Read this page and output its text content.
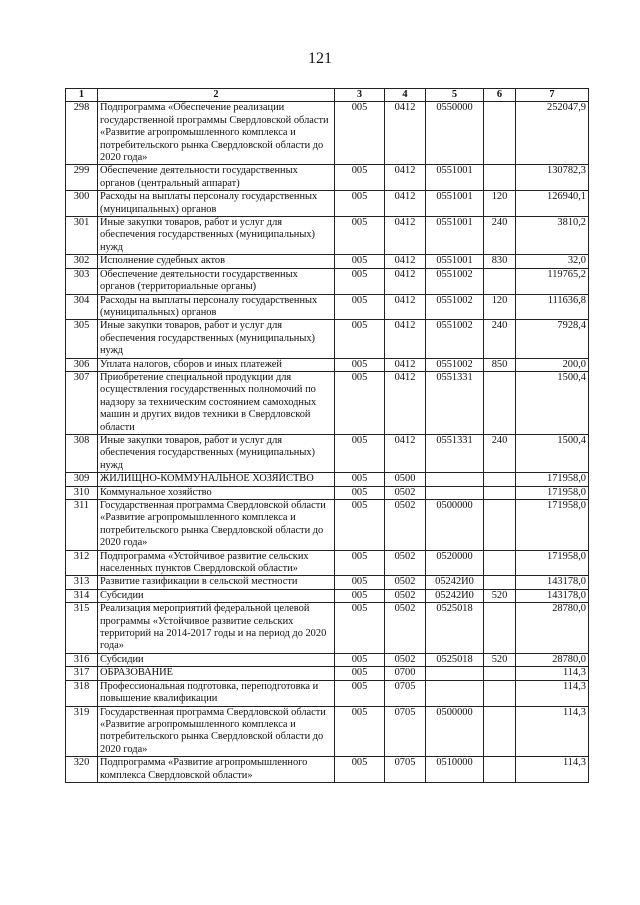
121
1	2	3	4	5	6	7
298	Подпрограмма «Обеспечение реализации государственной программы Свердловской области «Развитие агропромышленного комплекса и потребительского рынка Свердловской области до 2020 года»	005	0412	0550000		252047,9
299	Обеспечение деятельности государственных органов (центральный аппарат)	005	0412	0551001		130782,3
300	Расходы на выплаты персоналу государственных (муниципальных) органов	005	0412	0551001	120	126940,1
301	Иные закупки товаров, работ и услуг для обеспечения государственных (муниципальных) нужд	005	0412	0551001	240	3810,2
302	Исполнение судебных актов	005	0412	0551001	830	32,0
303	Обеспечение деятельности государственных органов (территориальные органы)	005	0412	0551002		119765,2
304	Расходы на выплаты персоналу государственных (муниципальных) органов	005	0412	0551002	120	111636,8
305	Иные закупки товаров, работ и услуг для обеспечения государственных (муниципальных) нужд	005	0412	0551002	240	7928,4
306	Уплата налогов, сборов и иных платежей	005	0412	0551002	850	200,0
307	Приобретение специальной продукции для осуществления государственных полномочий по надзору за техническим состоянием самоходных машин и других видов техники в Свердловской области	005	0412	0551331		1500,4
308	Иные закупки товаров, работ и услуг для обеспечения государственных (муниципальных) нужд	005	0412	0551331	240	1500,4
309	ЖИЛИЩНО-КОММУНАЛЬНОЕ ХОЗЯЙСТВО	005	0500			171958,0
310	Коммунальное хозяйство	005	0502			171958,0
311	Государственная программа Свердловской области «Развитие агропромышленного комплекса и потребительского рынка Свердловской области до 2020 года»	005	0502	0500000		171958,0
312	Подпрограмма «Устойчивое развитие сельских населенных пунктов Свердловской области»	005	0502	0520000		171958,0
313	Развитие газификации в сельской местности	005	0502	05242И0		143178,0
314	Субсидии	005	0502	05242И0	520	143178,0
315	Реализация мероприятий федеральной целевой программы «Устойчивое развитие сельских территорий на 2014-2017 годы и на период до 2020 года»	005	0502	0525018		28780,0
316	Субсидии	005	0502	0525018	520	28780,0
317	ОБРАЗОВАНИЕ	005	0700			114,3
318	Профессиональная подготовка, переподготовка и повышение квалификации	005	0705			114,3
319	Государственная программа Свердловской области «Развитие агропромышленного комплекса и потребительского рынка Свердловской области до 2020 года»	005	0705	0500000		114,3
320	Подпрограмма «Развитие агропромышленного комплекса Свердловской области»	005	0705	0510000		114,3
